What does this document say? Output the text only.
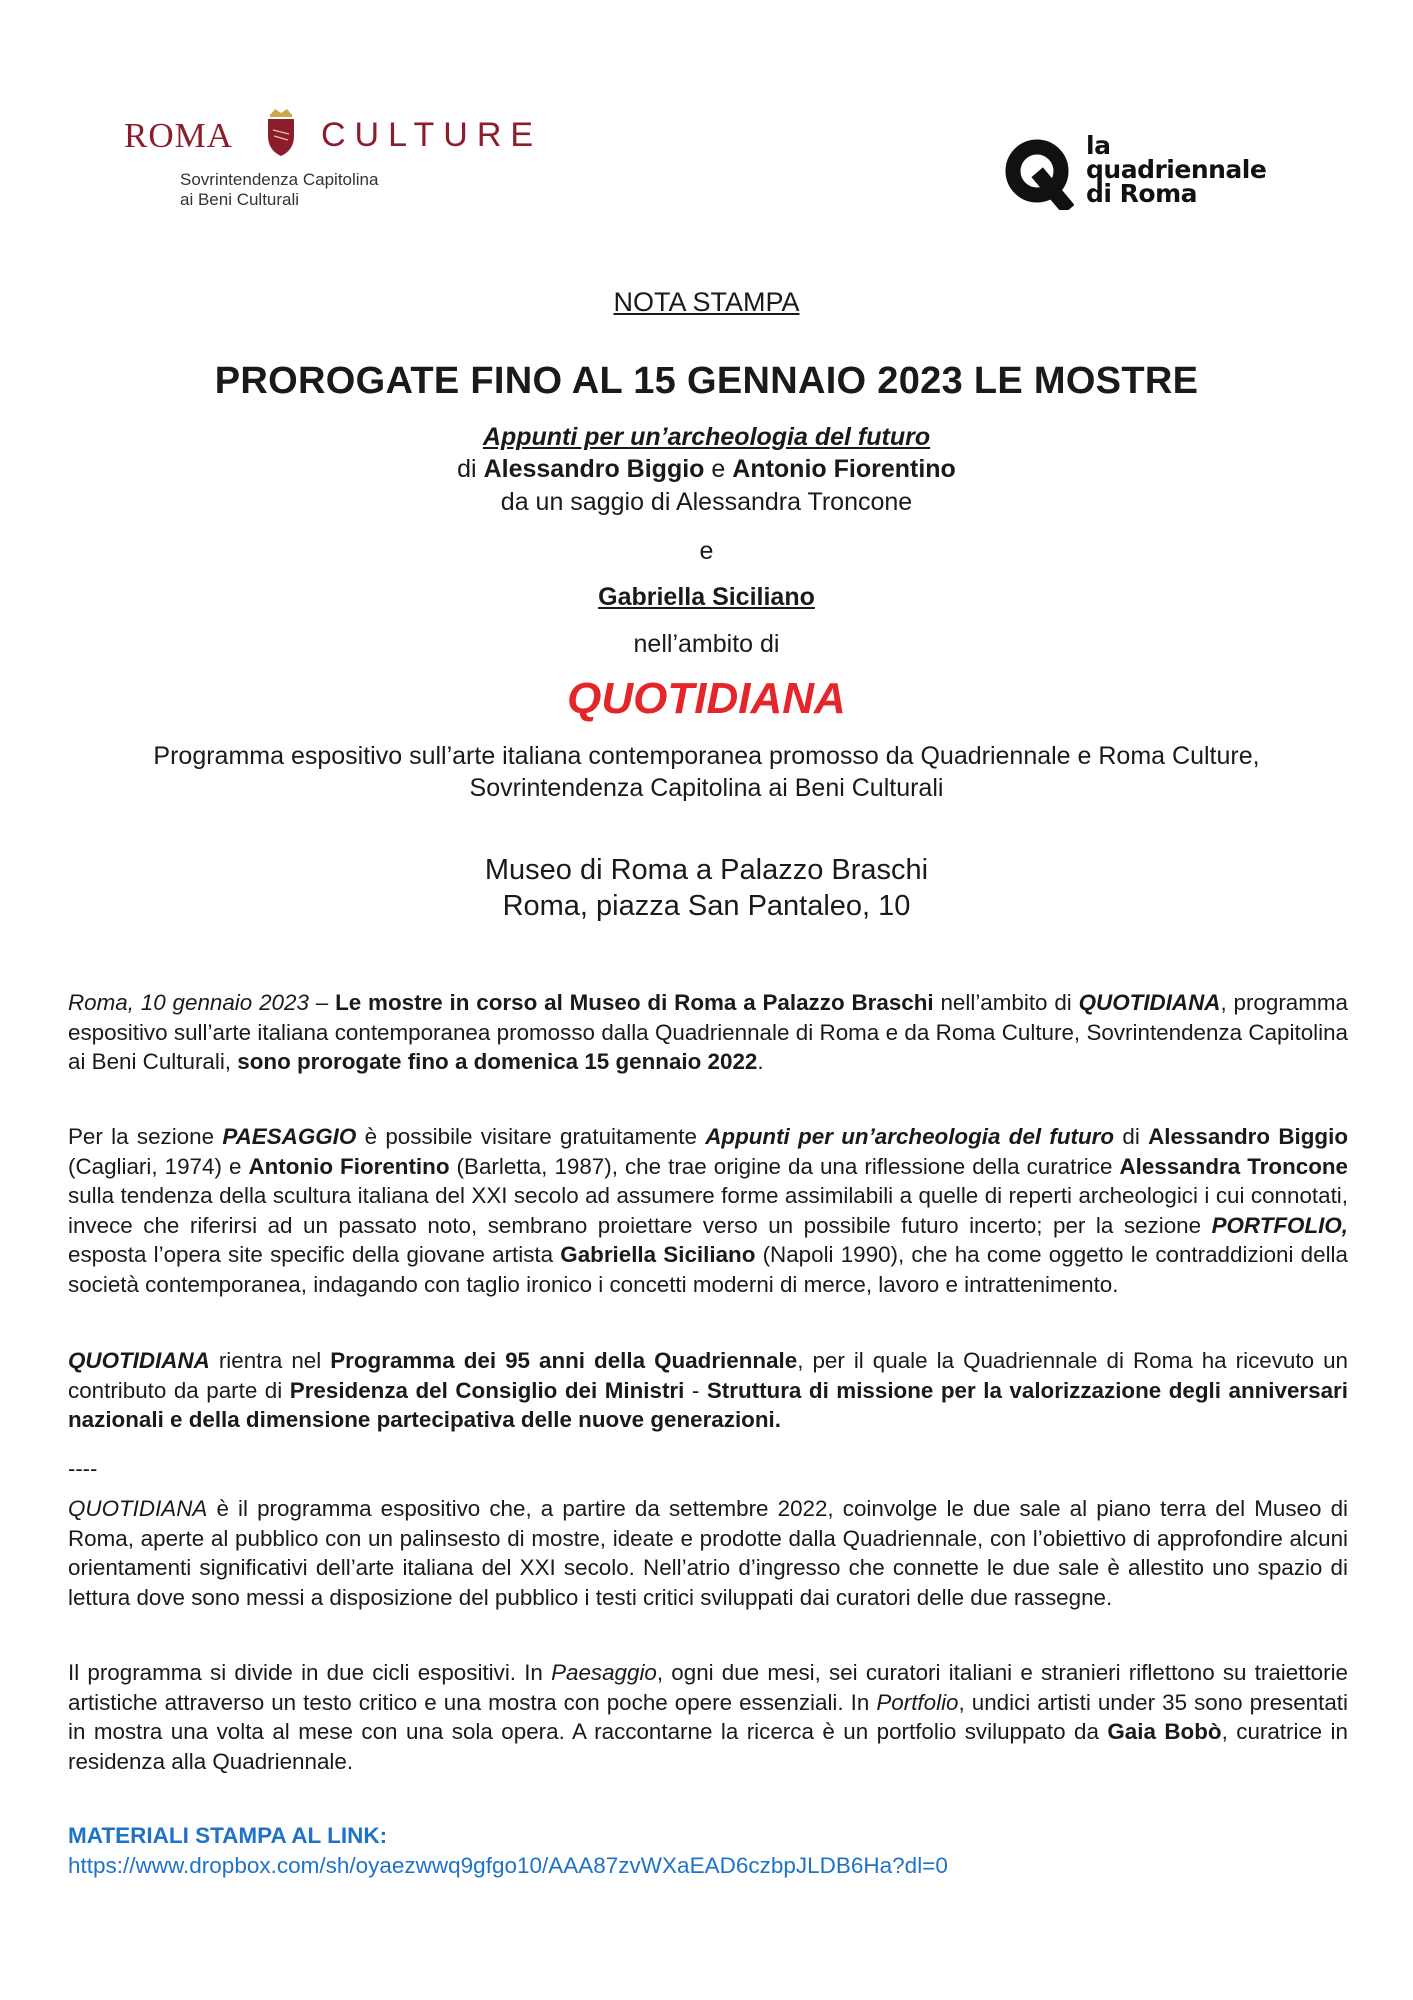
ROMA	CULTURE
Sovrintendenza Capitolina
ai Beni Culturali
la
quadriennale
di Roma
NOTA STAMPA
PROROGATE FINO AL 15 GENNAIO 2023 LE MOSTRE
Appunti per un’archeologia del futuro
di Alessandro Biggio e Antonio Fiorentino
da un saggio di Alessandra Troncone
e
Gabriella Siciliano
nell’ambito di
QUOTIDIANA
Programma espositivo sull’arte italiana contemporanea promosso da Quadriennale e Roma Culture,
Sovrintendenza Capitolina ai Beni Culturali
Museo di Roma a Palazzo Braschi
Roma, piazza San Pantaleo, 10

Roma, 10 gennaio 2023 – Le mostre in corso al Museo di Roma a Palazzo Braschi nell’ambito di QUOTIDIANA, programma espositivo sull’arte italiana contemporanea promosso dalla Quadriennale di Roma e da Roma Culture, Sovrintendenza Capitolina ai Beni Culturali, sono prorogate fino a domenica 15 gennaio 2022.

Per la sezione PAESAGGIO è possibile visitare gratuitamente Appunti per un’archeologia del futuro di Alessandro Biggio (Cagliari, 1974) e Antonio Fiorentino (Barletta, 1987), che trae origine da una riflessione della curatrice Alessandra Troncone sulla tendenza della scultura italiana del XXI secolo ad assumere forme assimilabili a quelle di reperti archeologici i cui connotati, invece che riferirsi ad un passato noto, sembrano proiettare verso un possibile futuro incerto; per la sezione PORTFOLIO, esposta l’opera site specific della giovane artista Gabriella Siciliano (Napoli 1990), che ha come oggetto le contraddizioni della società contemporanea, indagando con taglio ironico i concetti moderni di merce, lavoro e intrattenimento.

QUOTIDIANA rientra nel Programma dei 95 anni della Quadriennale, per il quale la Quadriennale di Roma ha ricevuto un contributo da parte di Presidenza del Consiglio dei Ministri - Struttura di missione per la valorizzazione degli anniversari nazionali e della dimensione partecipativa delle nuove generazioni.

----

QUOTIDIANA è il programma espositivo che, a partire da settembre 2022, coinvolge le due sale al piano terra del Museo di Roma, aperte al pubblico con un palinsesto di mostre, ideate e prodotte dalla Quadriennale, con l’obiettivo di approfondire alcuni orientamenti significativi dell’arte italiana del XXI secolo. Nell’atrio d’ingresso che connette le due sale è allestito uno spazio di lettura dove sono messi a disposizione del pubblico i testi critici sviluppati dai curatori delle due rassegne.

Il programma si divide in due cicli espositivi. In Paesaggio, ogni due mesi, sei curatori italiani e stranieri riflettono su traiettorie artistiche attraverso un testo critico e una mostra con poche opere essenziali. In Portfolio, undici artisti under 35 sono presentati in mostra una volta al mese con una sola opera. A raccontarne la ricerca è un portfolio sviluppato da Gaia Bobò, curatrice in residenza alla Quadriennale.

MATERIALI STAMPA AL LINK:
https://www.dropbox.com/sh/oyaezwwq9gfgo10/AAA87zvWXaEAD6czbpJLDB6Ha?dl=0
